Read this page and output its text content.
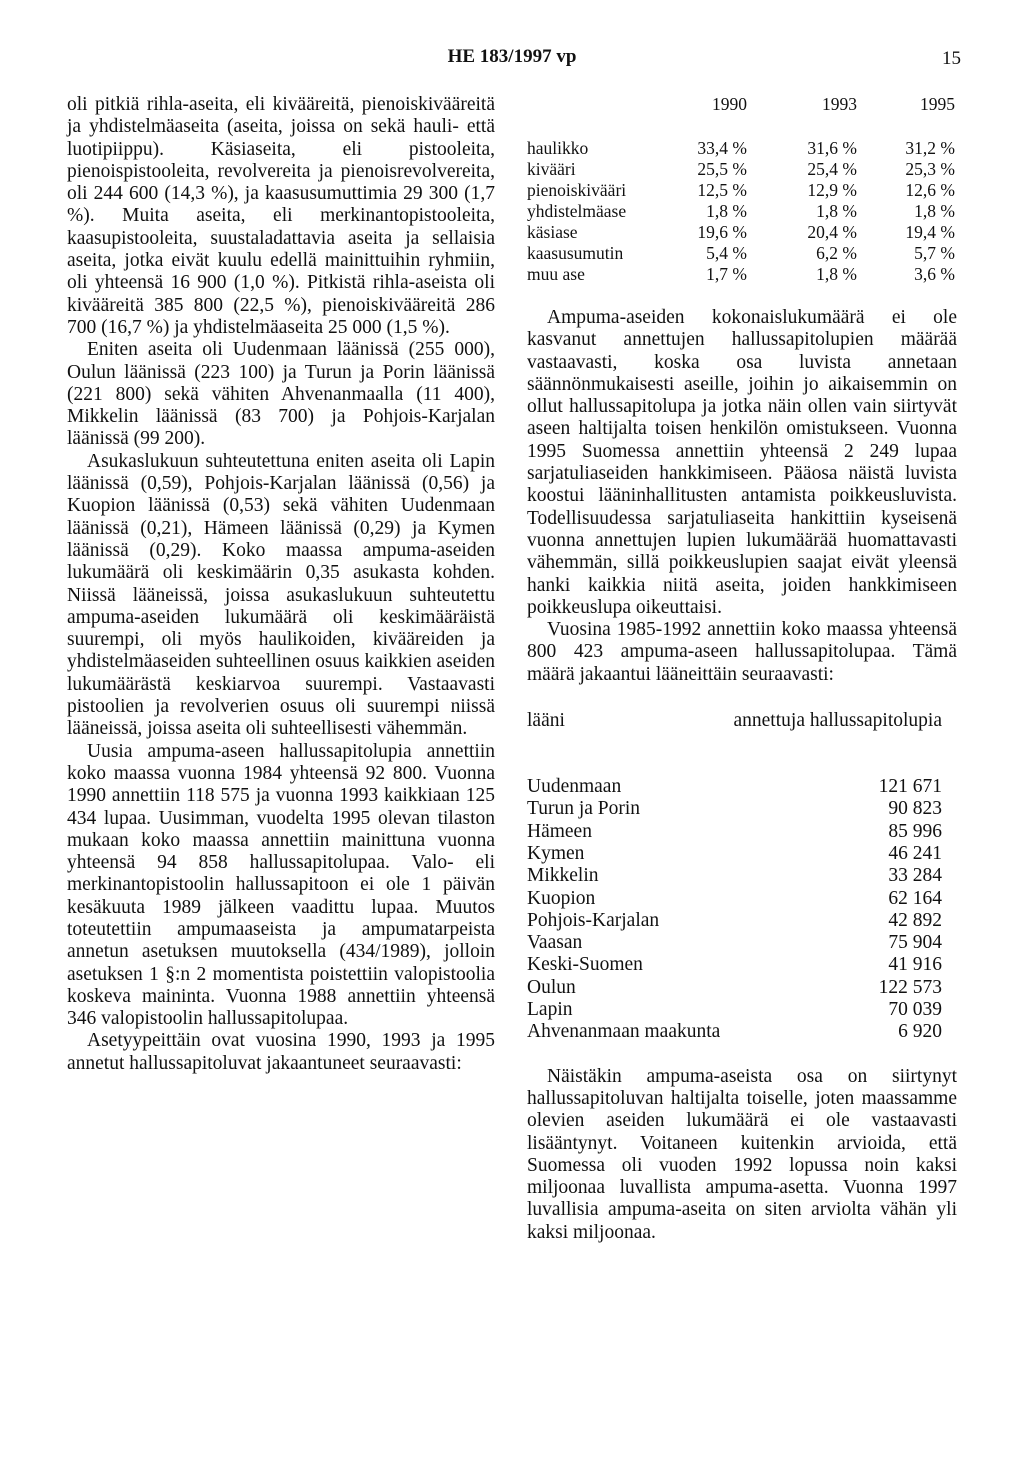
HE 183/1997 vp	15

oli pitkiä rihla-aseita, eli kivääreitä, pienoiskivääreitä ja yhdistelmäaseita (aseita, joissa on sekä hauli- että luotipiippu). Käsiaseita, eli pistooleita, pienoispistooleita, revolvereita ja pienoisrevolvereita, oli 244 600 (14,3 %), ja kaasusumuttimia 29 300 (1,7 %). Muita aseita, eli merkinantopistooleita, kaasupistooleita, suustaladattavia aseita ja sellaisia aseita, jotka eivät kuulu edellä mainittuihin ryhmiin, oli yhteensä 16 900 (1,0 %). Pitkistä rihla-aseista oli kivääreitä 385 800 (22,5 %), pienoiskivääreitä 286 700 (16,7 %) ja yhdistelmäaseita 25 000 (1,5 %).

Eniten aseita oli Uudenmaan läänissä (255 000), Oulun läänissä (223 100) ja Turun ja Porin läänissä (221 800) sekä vähiten Ahvenanmaalla (11 400), Mikkelin läänissä (83 700) ja Pohjois-Karjalan läänissä (99 200).

Asukaslukuun suhteutettuna eniten aseita oli Lapin läänissä (0,59), Pohjois-Karjalan läänissä (0,56) ja Kuopion läänissä (0,53) sekä vähiten Uudenmaan läänissä (0,21), Hämeen läänissä (0,29) ja Kymen läänissä (0,29). Koko maassa ampuma-aseiden lukumäärä oli keskimäärin 0,35 asukasta kohden. Niissä lääneissä, joissa asukaslukuun suhteutettu ampuma-aseiden lukumäärä oli keskimääräistä suurempi, oli myös haulikoiden, kivääreiden ja yhdistelmäaseiden suhteellinen osuus kaikkien aseiden lukumäärästä keskiarvoa suurempi. Vastaavasti pistoolien ja revolverien osuus oli suurempi niissä lääneissä, joissa aseita oli suhteellisesti vähemmän.

Uusia ampuma-aseen hallussapitolupia annettiin koko maassa vuonna 1984 yhteensä 92 800. Vuonna 1990 annettiin 118 575 ja vuonna 1993 kaikkiaan 125 434 lupaa. Uusimman, vuodelta 1995 olevan tilaston mukaan koko maassa annettiin mainittuna vuonna yhteensä 94 858 hallussapitolupaa. Valo- eli merkinantopistoolin hallussapitoon ei ole 1 päivän kesäkuuta 1989 jälkeen vaadittu lupaa. Muutos toteutettiin ampumaaseista ja ampumatarpeista annetun asetuksen muutoksella (434/1989), jolloin asetuksen 1 §:n 2 momentista poistettiin valopistoolia koskeva maininta. Vuonna 1988 annettiin yhteensä 346 valopistoolin hallussapitolupaa.

Asetyypeittäin ovat vuosina 1990, 1993 ja 1995 annetut hallussapitoluvat jakaantuneet seuraavasti:

	1990	1993	1995
haulikko	33,4 %	31,6 %	31,2 %
kivääri	25,5 %	25,4 %	25,3 %
pienoiskivääri	12,5 %	12,9 %	12,6 %
yhdistelmäase	1,8 %	1,8 %	1,8 %
käsiase	19,6 %	20,4 %	19,4 %
kaasusumutin	5,4 %	6,2 %	5,7 %
muu ase	1,7 %	1,8 %	3,6 %

Ampuma-aseiden kokonaislukumäärä ei ole kasvanut annettujen hallussapitolupien määrää vastaavasti, koska osa luvista annetaan säännönmukaisesti aseille, joihin jo aikaisemmin on ollut hallussapitolupa ja jotka näin ollen vain siirtyvät aseen haltijalta toisen henkilön omistukseen. Vuonna 1995 Suomessa annettiin yhteensä 2 249 lupaa sarjatuliaseiden hankkimiseen. Pääosa näistä luvista koostui lääninhallitusten antamista poikkeusluvista. Todellisuudessa sarjatuliaseita hankittiin kyseisenä vuonna annettujen lupien lukumäärää huomattavasti vähemmän, sillä poikkeuslupien saajat eivät yleensä hanki kaikkia niitä aseita, joiden hankkimiseen poikkeuslupa oikeuttaisi.

Vuosina 1985-1992 annettiin koko maassa yhteensä 800 423 ampuma-aseen hallussapitolupaa. Tämä määrä jakaantui lääneittäin seuraavasti:

lääni	annettuja hallussapitolupia
Uudenmaan	121 671
Turun ja Porin	90 823
Hämeen	85 996
Kymen	46 241
Mikkelin	33 284
Kuopion	62 164
Pohjois-Karjalan	42 892
Vaasan	75 904
Keski-Suomen	41 916
Oulun	122 573
Lapin	70 039
Ahvenanmaan maakunta	6 920

Näistäkin ampuma-aseista osa on siirtynyt hallussapitoluvan haltijalta toiselle, joten maassamme olevien aseiden lukumäärä ei ole vastaavasti lisääntynyt. Voitaneen kuitenkin arvioida, että Suomessa oli vuoden 1992 lopussa noin kaksi miljoonaa luvallista ampuma-asetta. Vuonna 1997 luvallisia ampuma-aseita on siten arviolta vähän yli kaksi miljoonaa.
